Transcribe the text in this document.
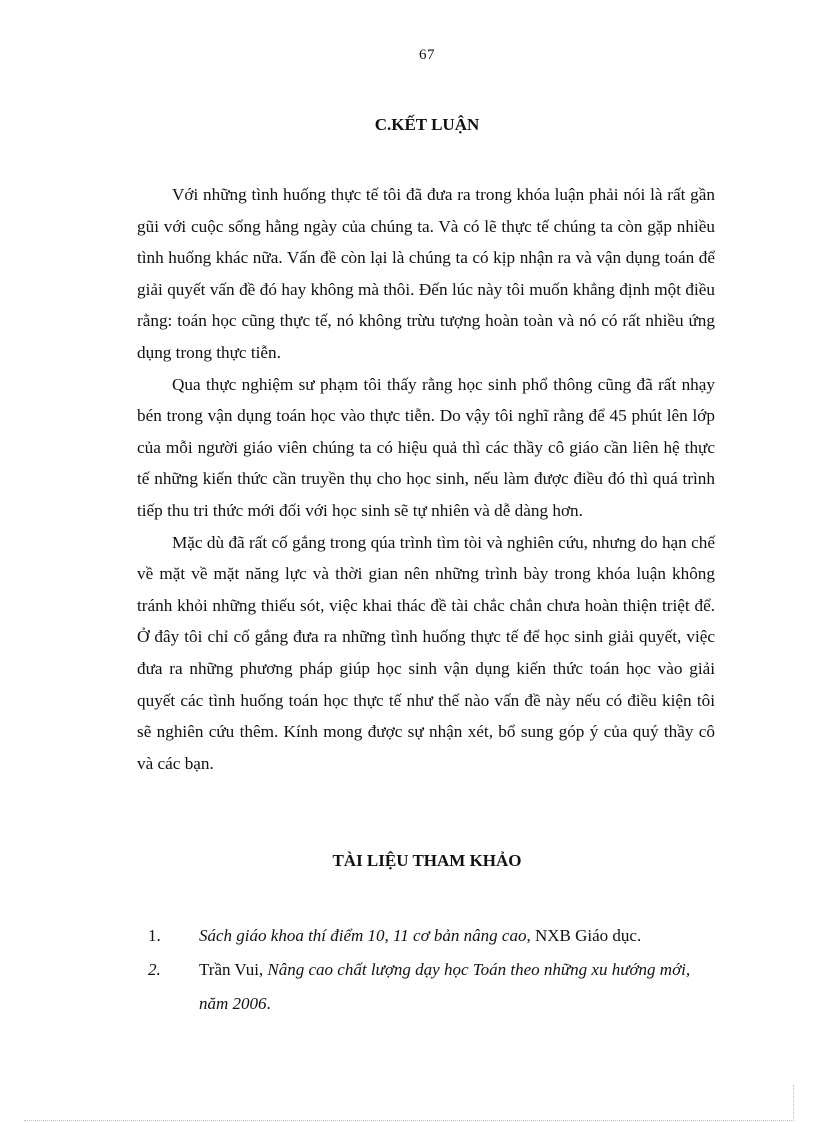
67
C.KẾT LUẬN

Với những tình huống thực tế tôi đã đưa ra trong khóa luận phải nói là rất gần gũi với cuộc sống hằng ngày của chúng ta. Và có lẽ thực tế chúng ta còn gặp nhiều tình huống khác nữa. Vấn đề còn lại là chúng ta có kịp nhận ra và vận dụng toán để giải quyết vấn đề đó hay không mà thôi. Đến lúc này tôi muốn khẳng định một điều rằng: toán học cũng thực tế, nó không trừu tượng hoàn toàn và nó có rất nhiều ứng dụng trong thực tiễn.

Qua thực nghiệm sư phạm tôi thấy rằng học sinh phổ thông cũng đã rất nhạy bén trong vận dụng toán học vào thực tiễn. Do vậy tôi nghĩ rằng để 45 phút lên lớp của mỗi người giáo viên chúng ta có hiệu quả thì các thầy cô giáo cần liên hệ thực tế những kiến thức cần truyền thụ cho học sinh, nếu làm được điều đó thì quá trình tiếp thu tri thức mới đối với học sinh sẽ tự nhiên và dễ dàng hơn.

Mặc dù đã rất cố gắng trong qúa trình tìm tòi và nghiên cứu, nhưng do hạn chế về mặt về mặt năng lực và thời gian nên những trình bày trong khóa luận không tránh khỏi những thiếu sót, việc khai thác đề tài chắc chắn chưa hoàn thiện triệt để. Ở đây tôi chỉ cố gắng đưa ra những tình huống thực tế để học sinh giải quyết, việc đưa ra những phương pháp giúp học sinh vận dụng kiến thức toán học vào giải quyết các tình huống toán học thực tế như thế nào vấn đề này nếu có điều kiện tôi sẽ nghiên cứu thêm. Kính mong được sự nhận xét, bổ sung góp ý của quý thầy cô và các bạn.

TÀI LIỆU THAM KHẢO
1.	Sách giáo khoa thí điểm 10, 11 cơ bản nâng cao, NXB Giáo dục.
2.	Trần Vui, Nâng cao chất lượng dạy học Toán theo những xu hướng mới, năm 2006.
